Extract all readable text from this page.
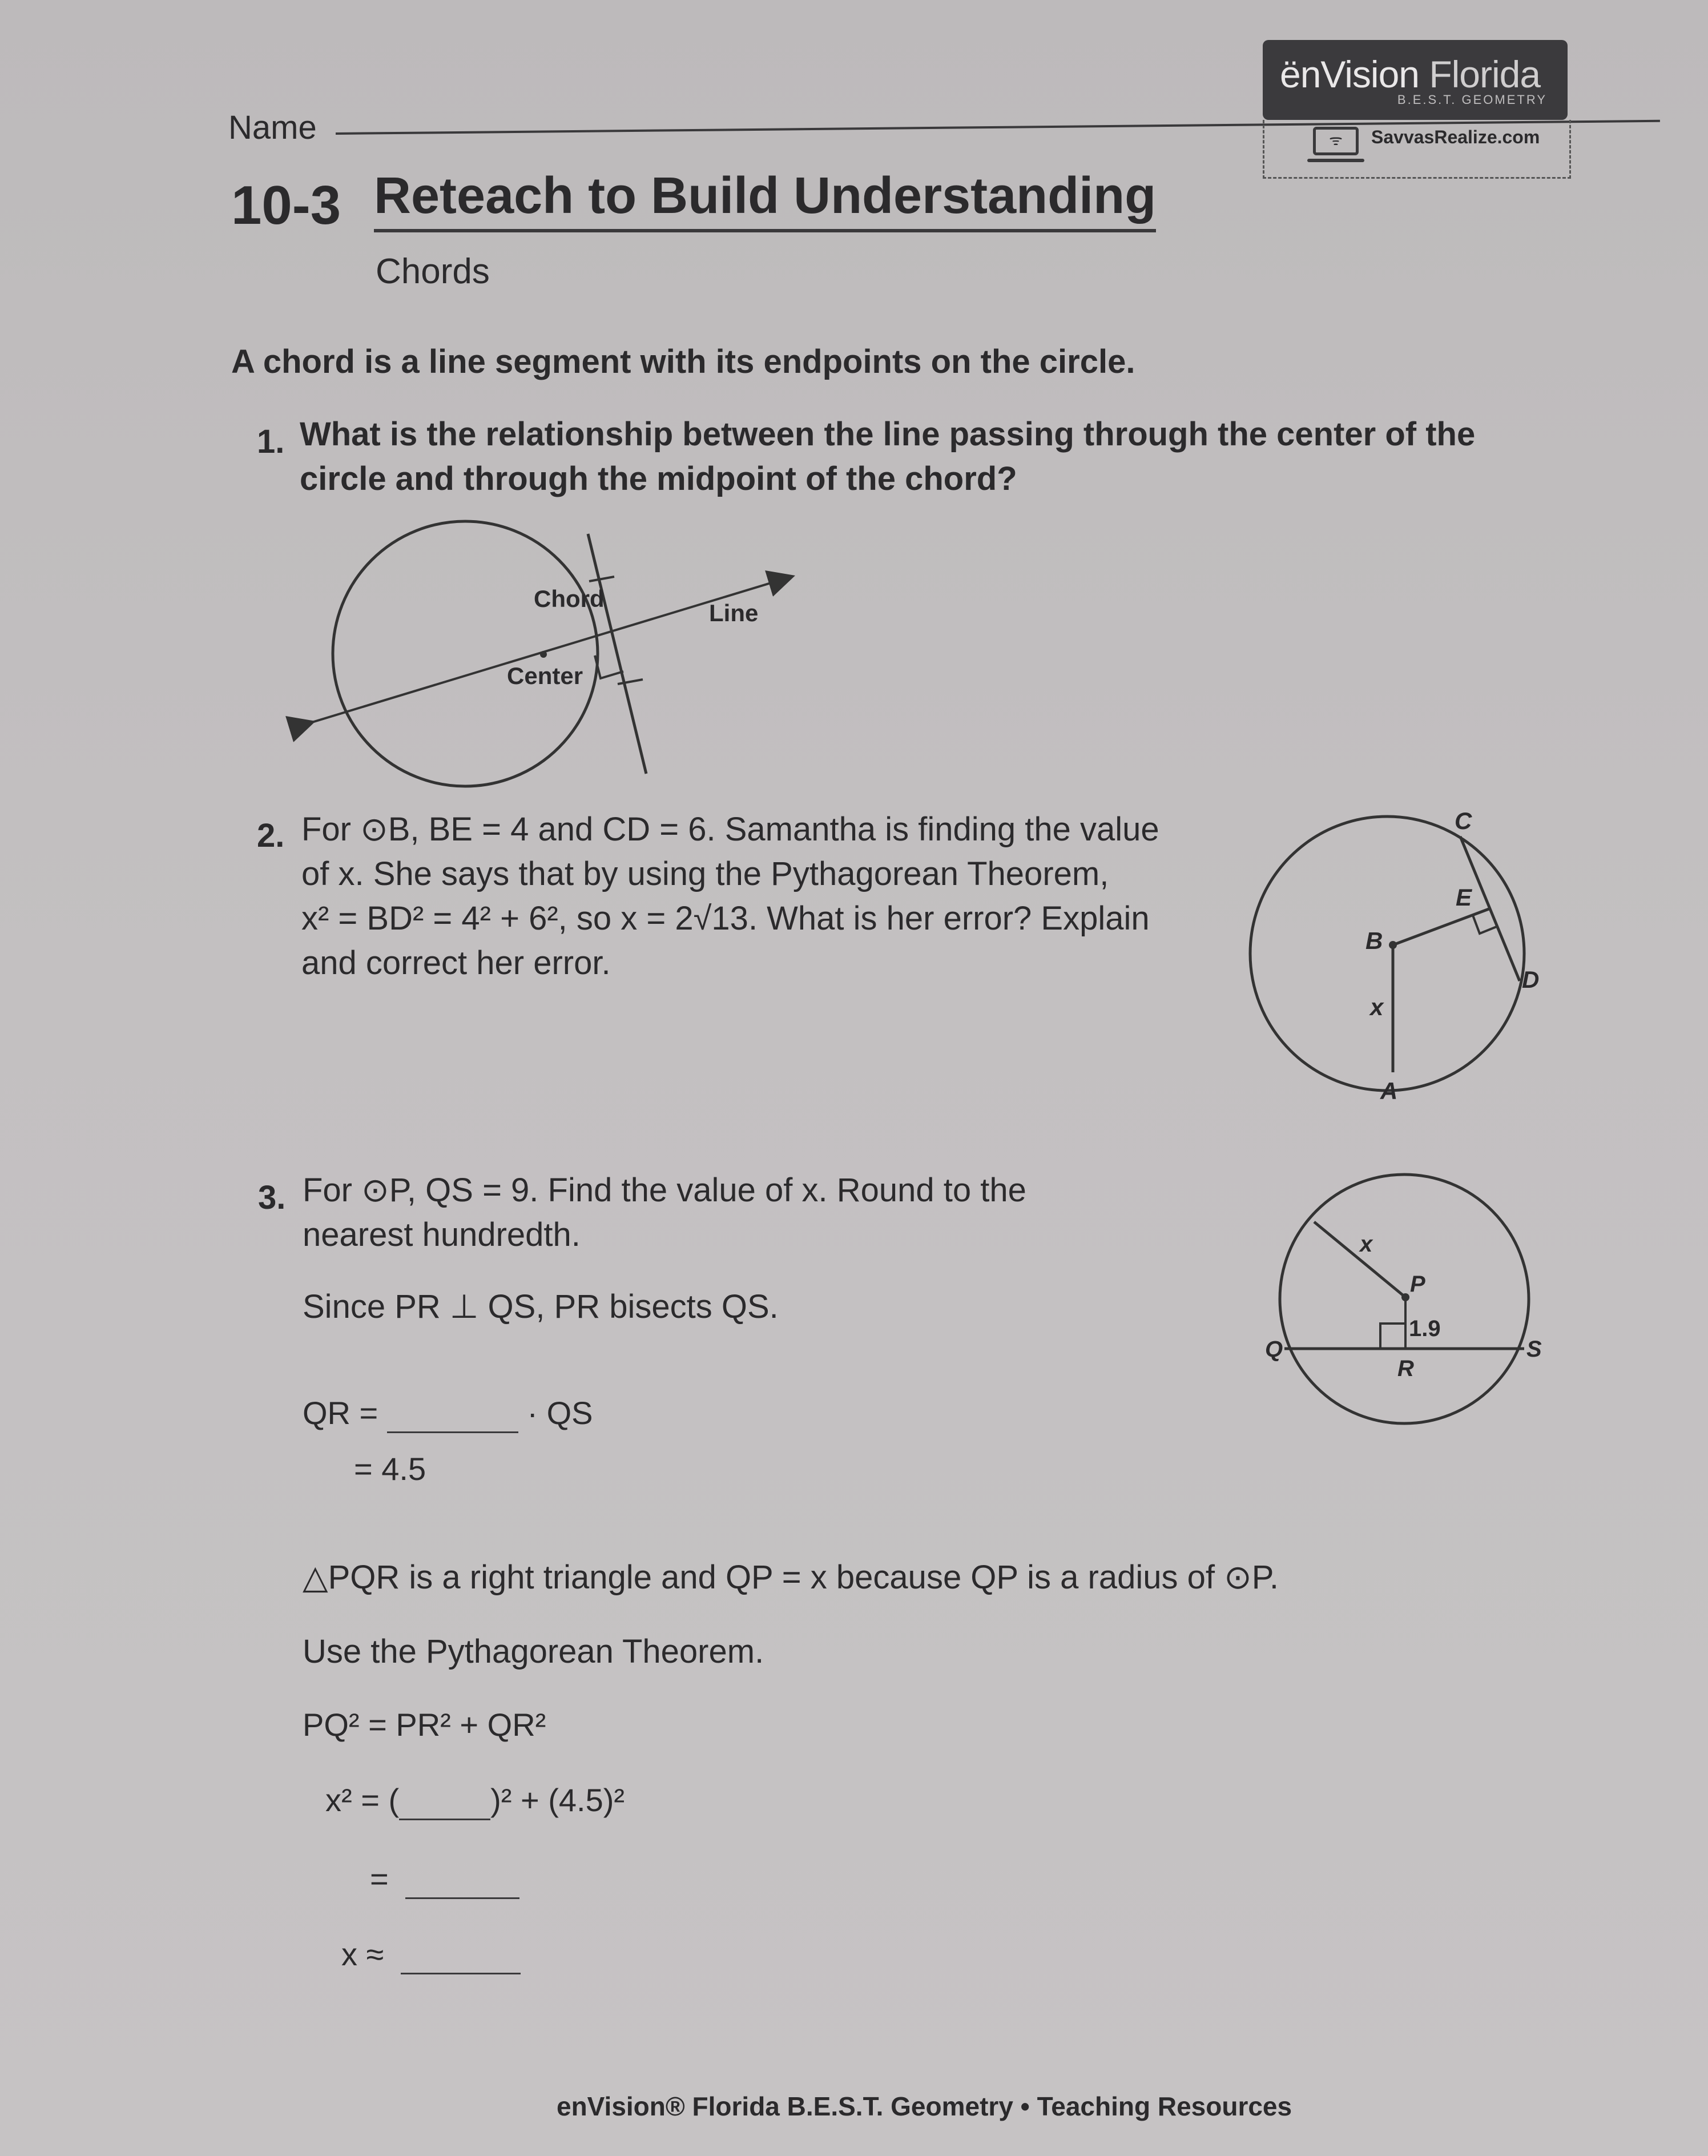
Name
ënVision Florida
B.E.S.T. GEOMETRY
ᯤ	SavvasRealize.com
10-3 Reteach to Build Understanding
Chords
A chord is a line segment with its endpoints on the circle.
1. What is the relationship between the line passing through the center of the
circle and through the midpoint of the chord?
Chord
Line
Center
2. For ⊙B, BE = 4 and CD = 6. Samantha is finding the value
of x. She says that by using the Pythagorean Theorem,
x² = BD² = 4² + 6², so x = 2√13. What is her error? Explain
and correct her error.
C
E
B
D
x
A
3. For ⊙P, QS = 9. Find the value of x. Round to the
nearest hundredth.	x
P
1.9
Q
R
S
Since PR ⊥ QS, PR bisects QS.
QR =	· QS
= 4.5
△PQR is a right triangle and QP = x because QP is a radius of ⊙P.
Use the Pythagorean Theorem.
PQ² = PR² + QR²
x² = (	)² + (4.5)²
=
x ≈
enVision® Florida B.E.S.T. Geometry • Teaching Resources
